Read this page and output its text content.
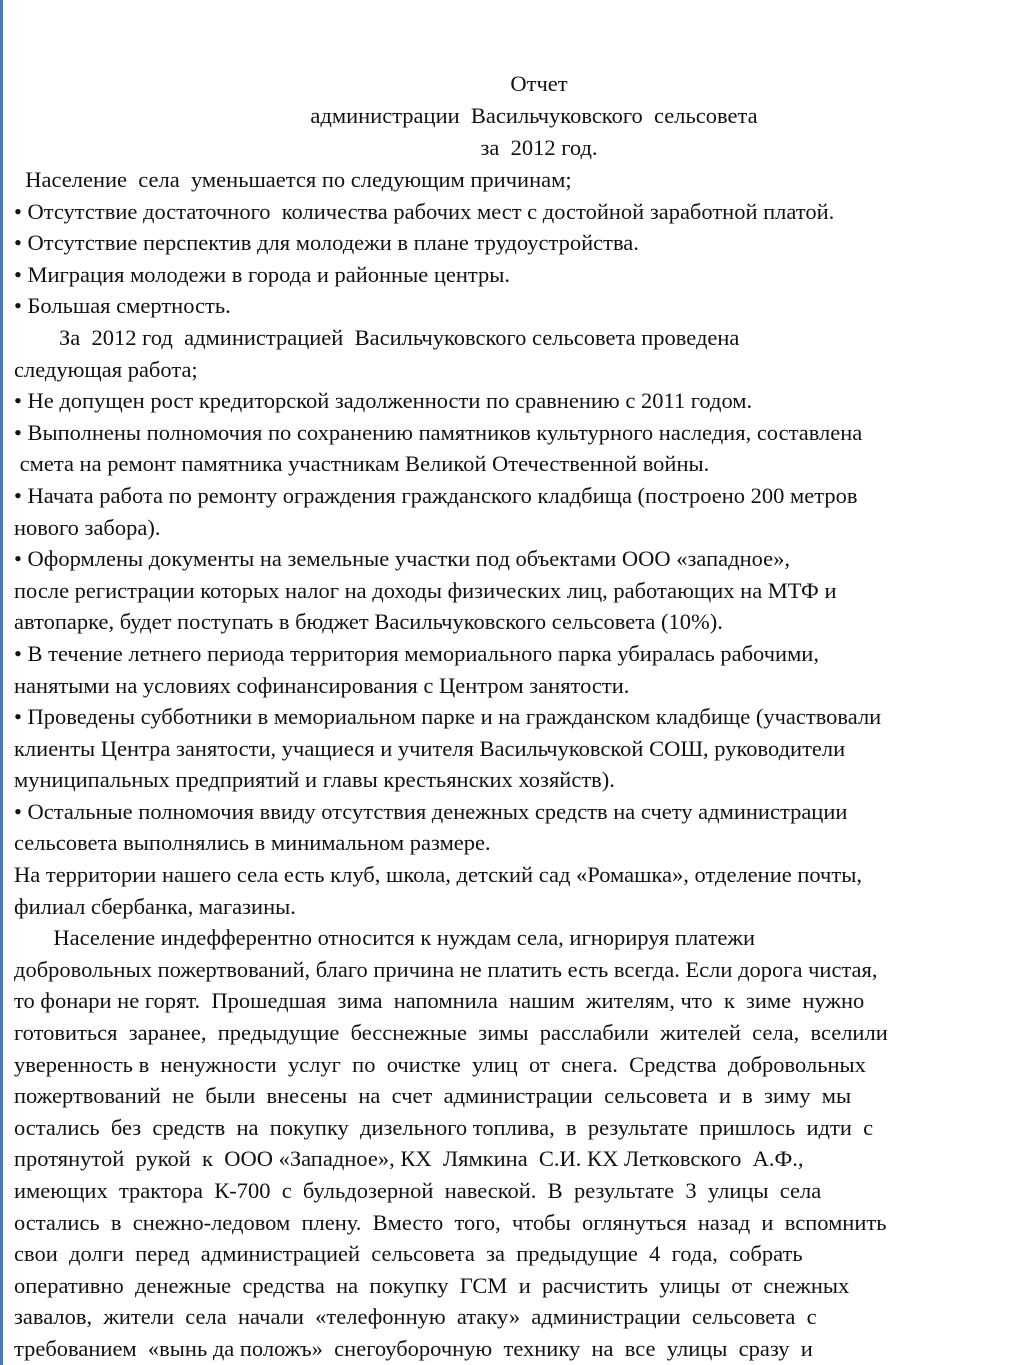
Отчет
администрации  Васильчуковского  сельсовета
за  2012 год.
Население  села  уменьшается по следующим причинам;
• Отсутствие достаточного  количества рабочих мест с достойной заработной платой.
• Отсутствие перспектив для молодежи в плане трудоустройства.
• Миграция молодежи в города и районные центры.
• Большая смертность.
За  2012 год  администрацией  Васильчуковского сельсовета проведена
следующая работа;
• Не допущен рост кредиторской задолженности по сравнению с 2011 годом.
• Выполнены полномочия по сохранению памятников культурного наследия, составлена
смета на ремонт памятника участникам Великой Отечественной войны.
• Начата работа по ремонту ограждения гражданского кладбища (построено 200 метров
нового забора).
• Оформлены документы на земельные участки под объектами ООО «западное»,
после регистрации которых налог на доходы физических лиц, работающих на МТФ и
автопарке, будет поступать в бюджет Васильчуковского сельсовета (10%).
• В течение летнего периода территория мемориального парка убиралась рабочими,
нанятыми на условиях софинансирования с Центром занятости.
• Проведены субботники в мемориальном парке и на гражданском кладбище (участвовали
клиенты Центра занятости, учащиеся и учителя Васильчуковской СОШ, руководители
муниципальных предприятий и главы крестьянских хозяйств).
• Остальные полномочия ввиду отсутствия денежных средств на счету администрации
сельсовета выполнялись в минимальном размере.
На территории нашего села есть клуб, школа, детский сад «Ромашка», отделение почты,
филиал сбербанка, магазины.
Население индефферентно относится к нуждам села, игнорируя платежи
добровольных пожертвований, благо причина не платить есть всегда. Если дорога чистая,
то фонари не горят.  Прошедшая  зима  напомнила  нашим  жителям, что  к  зиме  нужно
готовиться  заранее,  предыдущие  бесснежные  зимы  расслабили  жителей  села,  вселили
уверенность в  ненужности  услуг  по  очистке  улиц  от  снега.  Средства  добровольных
пожертвований  не  были  внесены  на  счет  администрации  сельсовета  и  в  зиму  мы
остались  без  средств  на  покупку  дизельного топлива,  в  результате  пришлось  идти  с
протянутой  рукой  к  ООО «Западное», КХ  Лямкина  С.И. КХ Летковского  А.Ф.,
имеющих  трактора  К-700  с  бульдозерной  навеской.  В  результате  3  улицы  села
остались  в  снежно-ледовом  плену.  Вместо  того,  чтобы  оглянуться  назад  и  вспомнить
свои  долги  перед  администрацией  сельсовета  за  предыдущие  4  года,  собрать
оперативно  денежные  средства  на  покупку  ГСМ  и  расчистить  улицы  от  снежных
завалов,  жители  села  начали  «телефонную  атаку»  администрации  сельсовета  с
требованием  «вынь да положъ»  снегоуборочную  технику  на  все  улицы  сразу  и
